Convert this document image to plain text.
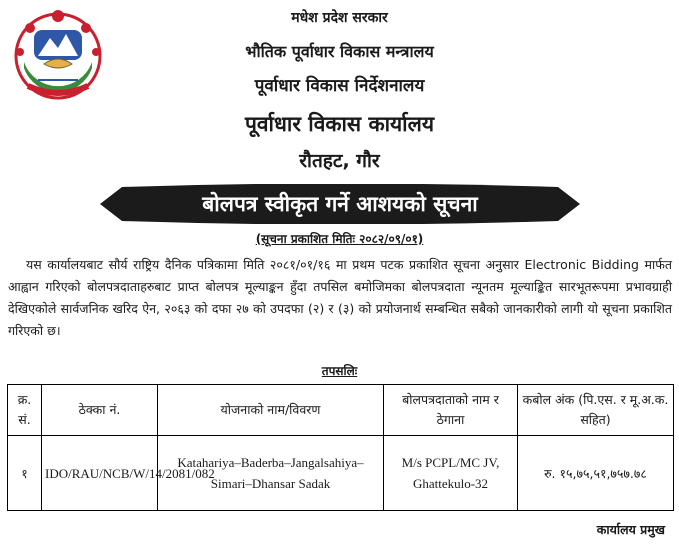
मधेश प्रदेश सरकार
भौतिक पूर्वाधार विकास मन्त्रालय
पूर्वाधार विकास निर्देशनालय
पूर्वाधार विकास कार्यालय
रौतहट, गौर
बोलपत्र स्वीकृत गर्ने आशयको सूचना
(सूचना प्रकाशित मितिः २०८२/०९/०१)
यस कार्यालयबाट सौर्य राष्ट्रिय दैनिक पत्रिकामा मिति २०८१/०१/१६ मा प्रथम पटक प्रकाशित सूचना अनुसार Electronic Bidding मार्फत आह्वान गरिएको बोलपत्रदाताहरुबाट प्राप्त बोलपत्र मूल्याङ्कन हुँदा तपसिल बमोजिमका बोलपत्रदाता न्यूनतम मूल्याङ्कित सारभूतरूपमा प्रभावग्राही देखिएकोले सार्वजनिक खरिद ऐन, २०६३ को दफा २७ को उपदफा (२) र (३) को प्रयोजनार्थ सम्बन्धित सबैको जानकारीको लागी यो सूचना प्रकाशित गरिएको छ।
तपसलिः
क्र. सं.	ठेक्का नं.	योजनाको नाम/विवरण	बोलपत्रदाताको नाम र ठेगाना	कबोल अंक (पि.एस. र मू.अ.क. सहित)
१	IDO/RAU/NCB/W/14/2081/082	Katahariya–Baderba–Jangalsahiya–Simari–Dhansar Sadak	M/s PCPL/MC JV, Ghattekulo-32	रु. १५,७५,५१,७५७.७८
कार्यालय प्रमुख
